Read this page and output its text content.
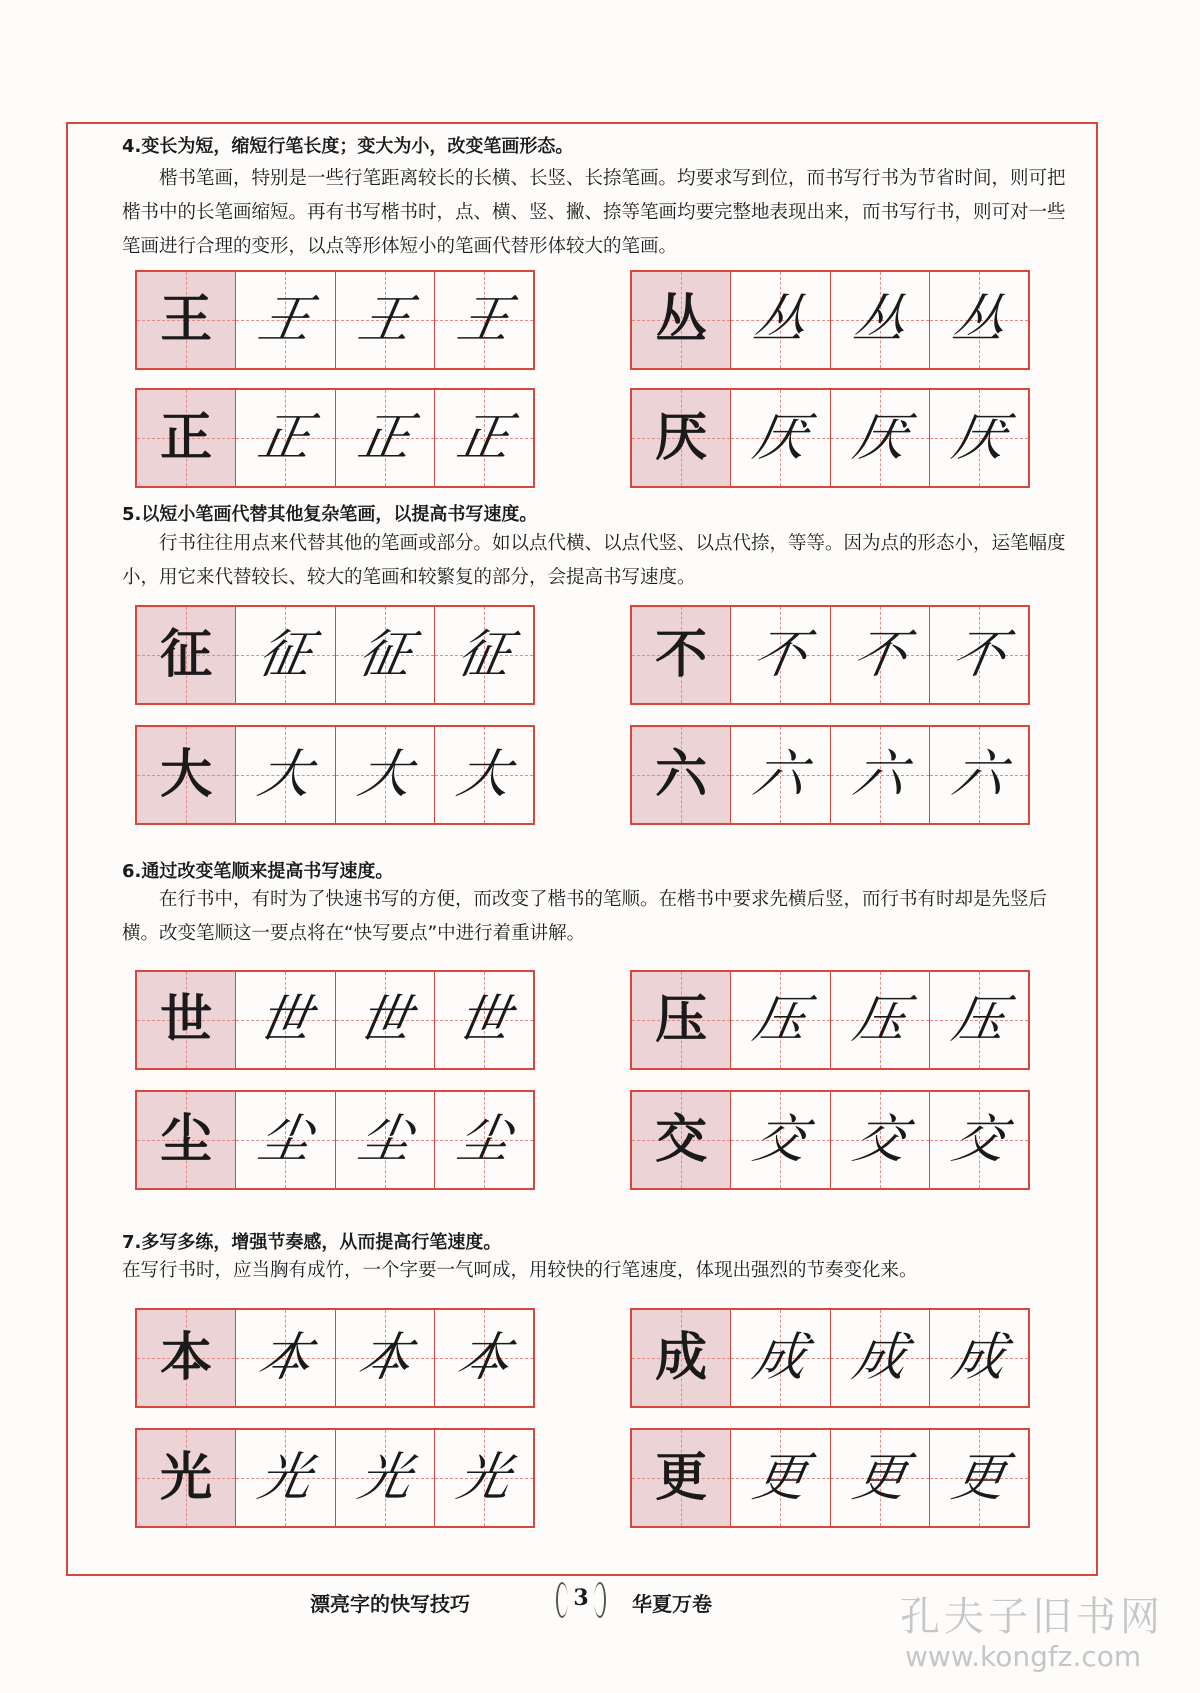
4.变长为短，缩短行笔长度；变大为小，改变笔画形态。
楷书笔画，特别是一些行笔距离较长的长横、长竖、长捺笔画。均要求写到位，而书写行书为节省时间，则可把楷书中的长笔画缩短。再有书写楷书时，点、横、竖、撇、捺等笔画均要完整地表现出来，而书写行书，则可对一些笔画进行合理的变形，以点等形体短小的笔画代替形体较大的笔画。
王 王 王 王	丛 丛 丛 丛
正 正 正 正	厌 厌 厌 厌
5.以短小笔画代替其他复杂笔画，以提高书写速度。
行书往往用点来代替其他的笔画或部分。如以点代横、以点代竖、以点代捺，等等。因为点的形态小，运笔幅度小，用它来代替较长、较大的笔画和较繁复的部分，会提高书写速度。
征 征 征 征	不 不 不 不
大 大 大 大	六 六 六 六
6.通过改变笔顺来提高书写速度。
在行书中，有时为了快速书写的方便，而改变了楷书的笔顺。在楷书中要求先横后竖，而行书有时却是先竖后横。改变笔顺这一要点将在“快写要点”中进行着重讲解。
世 世 世 世	压 压 压 压
尘 尘 尘 尘	交 交 交 交
7.多写多练，增强节奏感，从而提高行笔速度。
在写行书时，应当胸有成竹，一个字要一气呵成，用较快的行笔速度，体现出强烈的节奏变化来。
本 本 本 本	成 成 成 成
光 光 光 光	更 更 更 更
漂亮字的快写技巧	3	华夏万卷	孔夫子旧书网
www.kongfz.com
